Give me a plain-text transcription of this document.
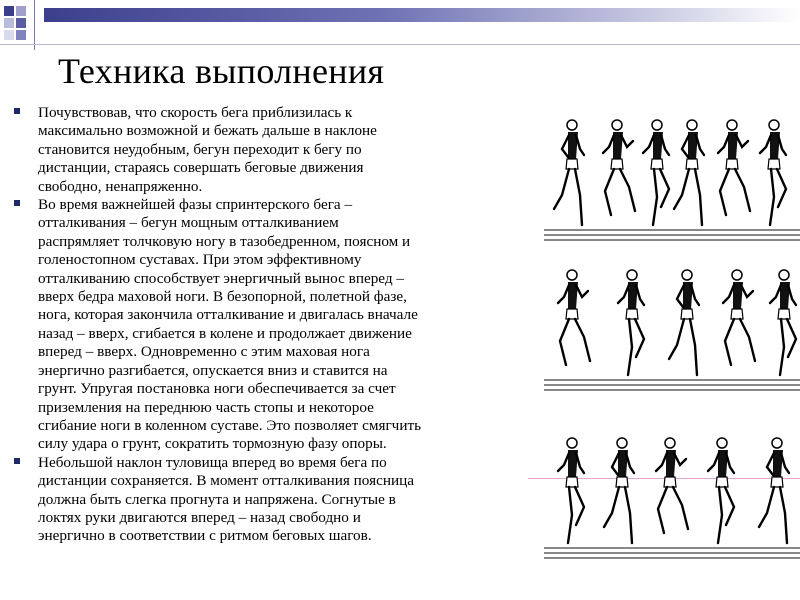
Техника выполнения
Почувствовав, что скорость бега приблизилась к
максимально возможной и бежать дальше в наклоне
становится неудобным, бегун переходит к бегу по
дистанции, стараясь совершать беговые движения
свободно, ненапряженно.
Во время важнейшей фазы спринтерского бега –
отталкивания – бегун мощным отталкиванием
распрямляет толчковую ногу в тазобедренном, поясном и
голеностопном суставах. При этом эффективному
отталкиванию способствует энергичный вынос вперед –
вверх бедра маховой ноги. В безопорной, полетной фазе,
нога, которая закончила отталкивание и двигалась вначале
назад – вверх, сгибается в колене и продолжает движение
вперед – вверх. Одновременно с этим маховая нога
энергично разгибается, опускается вниз и ставится на
грунт. Упругая постановка ноги обеспечивается за счет
приземления на переднюю часть стопы и некоторое
сгибание ноги в коленном суставе. Это позволяет смягчить
силу удара о грунт, сократить тормозную фазу опоры.
Небольшой наклон туловища вперед во время бега по
дистанции сохраняется. В момент отталкивания поясница
должна быть слегка прогнута и напряжена. Согнутые в
локтях руки двигаются вперед – назад свободно и
энергично в соответствии с ритмом беговых шагов.
